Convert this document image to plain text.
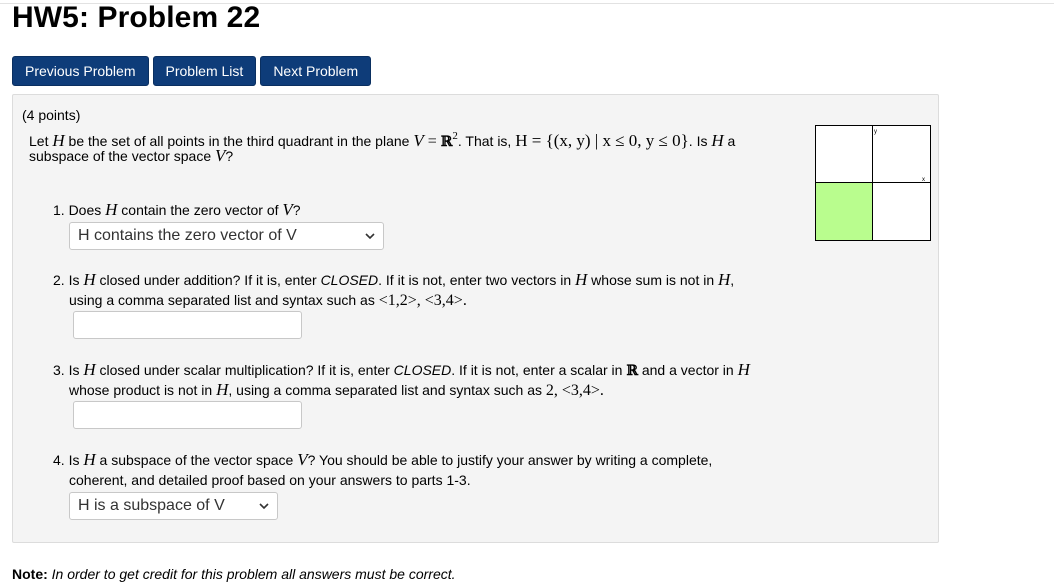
HW5: Problem 22
Previous Problem	Problem List	Next Problem
(4 points)
Let H be the set of all points in the third quadrant in the plane V = ℝ$^2$. That is, H = {(x, y) | x ≤ 0, y ≤ 0}. Is H a
subspace of the vector space V?
1. Does H contain the zero vector of V?
H contains the zero vector of V
2. Is H closed under addition? If it is, enter CLOSED. If it is not, enter two vectors in H whose sum is not in H,
using a comma separated list and syntax such as <1,2>, <3,4>.
3. Is H closed under scalar multiplication? If it is, enter CLOSED. If it is not, enter a scalar in ℝ and a vector in H
whose product is not in H, using a comma separated list and syntax such as 2, <3,4>.
4. Is H a subspace of the vector space V? You should be able to justify your answer by writing a complete,
coherent, and detailed proof based on your answers to parts 1-3.
H is a subspace of V
y
x
Note: In order to get credit for this problem all answers must be correct.
